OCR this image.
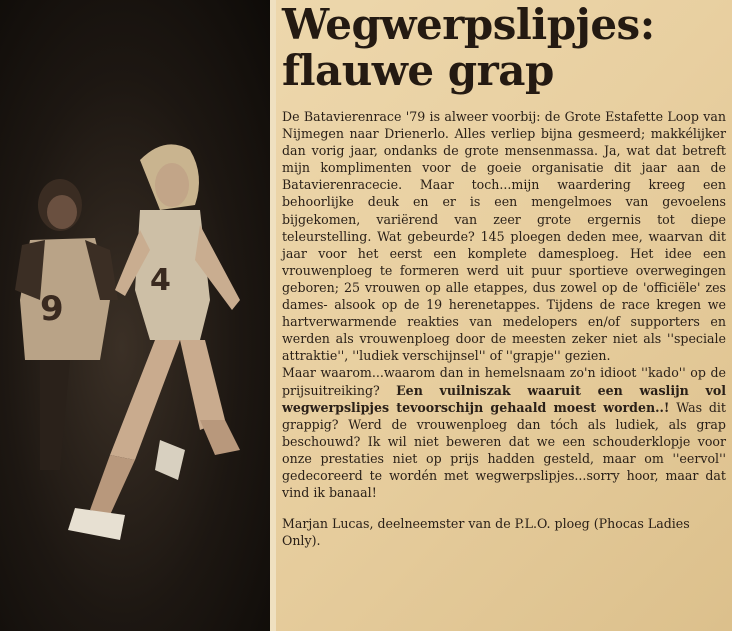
9
4
Wegwerpslipjes:
flauwe grap

De Batavierenrace '79 is alweer voorbij: de Grote Estafette Loop van Nijmegen naar Drienerlo. Alles verliep bijna gesmeerd; makkélijker dan vorig jaar, ondanks de grote mensenmassa. Ja, wat dat betreft mijn komplimenten voor de goeie organisatie dit jaar aan de Batavierenracecie. Maar toch...mijn waardering kreeg een behoorlijke deuk en er is een mengelmoes van gevoelens bijgekomen, variërend van zeer grote ergernis tot diepe teleurstelling. Wat gebeurde? 145 ploegen deden mee, waarvan dit jaar voor het eerst een komplete damesploeg. Het idee een vrouwenploeg te formeren werd uit puur sportieve overwegingen geboren; 25 vrouwen op alle etappes, dus zowel op de 'officiële' zes dames- alsook op de 19 herenetappes. Tijdens de race kregen we hartverwarmende reakties van medelopers en/of supporters en werden als vrouwenploeg door de meesten zeker niet als ''speciale attraktie'', ''ludiek verschijnsel'' of ''grapje'' gezien.

Maar waarom...waarom dan in hemelsnaam zo'n idioot ''kado'' op de prijsuitreiking? Een vuilniszak waaruit een waslijn vol wegwerpslipjes tevoorschijn gehaald moest worden..! Was dit grappig? Werd de vrouwenploeg dan tóch als ludiek, als grap beschouwd? Ik wil niet beweren dat we een schouderklopje voor onze prestaties niet op prijs hadden gesteld, maar om ''eervol'' gedecoreerd te wordén met wegwerpslipjes...sorry hoor, maar dat vind ik banaal!

Marjan Lucas, deelneemster van de P.L.O. ploeg (Phocas Ladies Only).
